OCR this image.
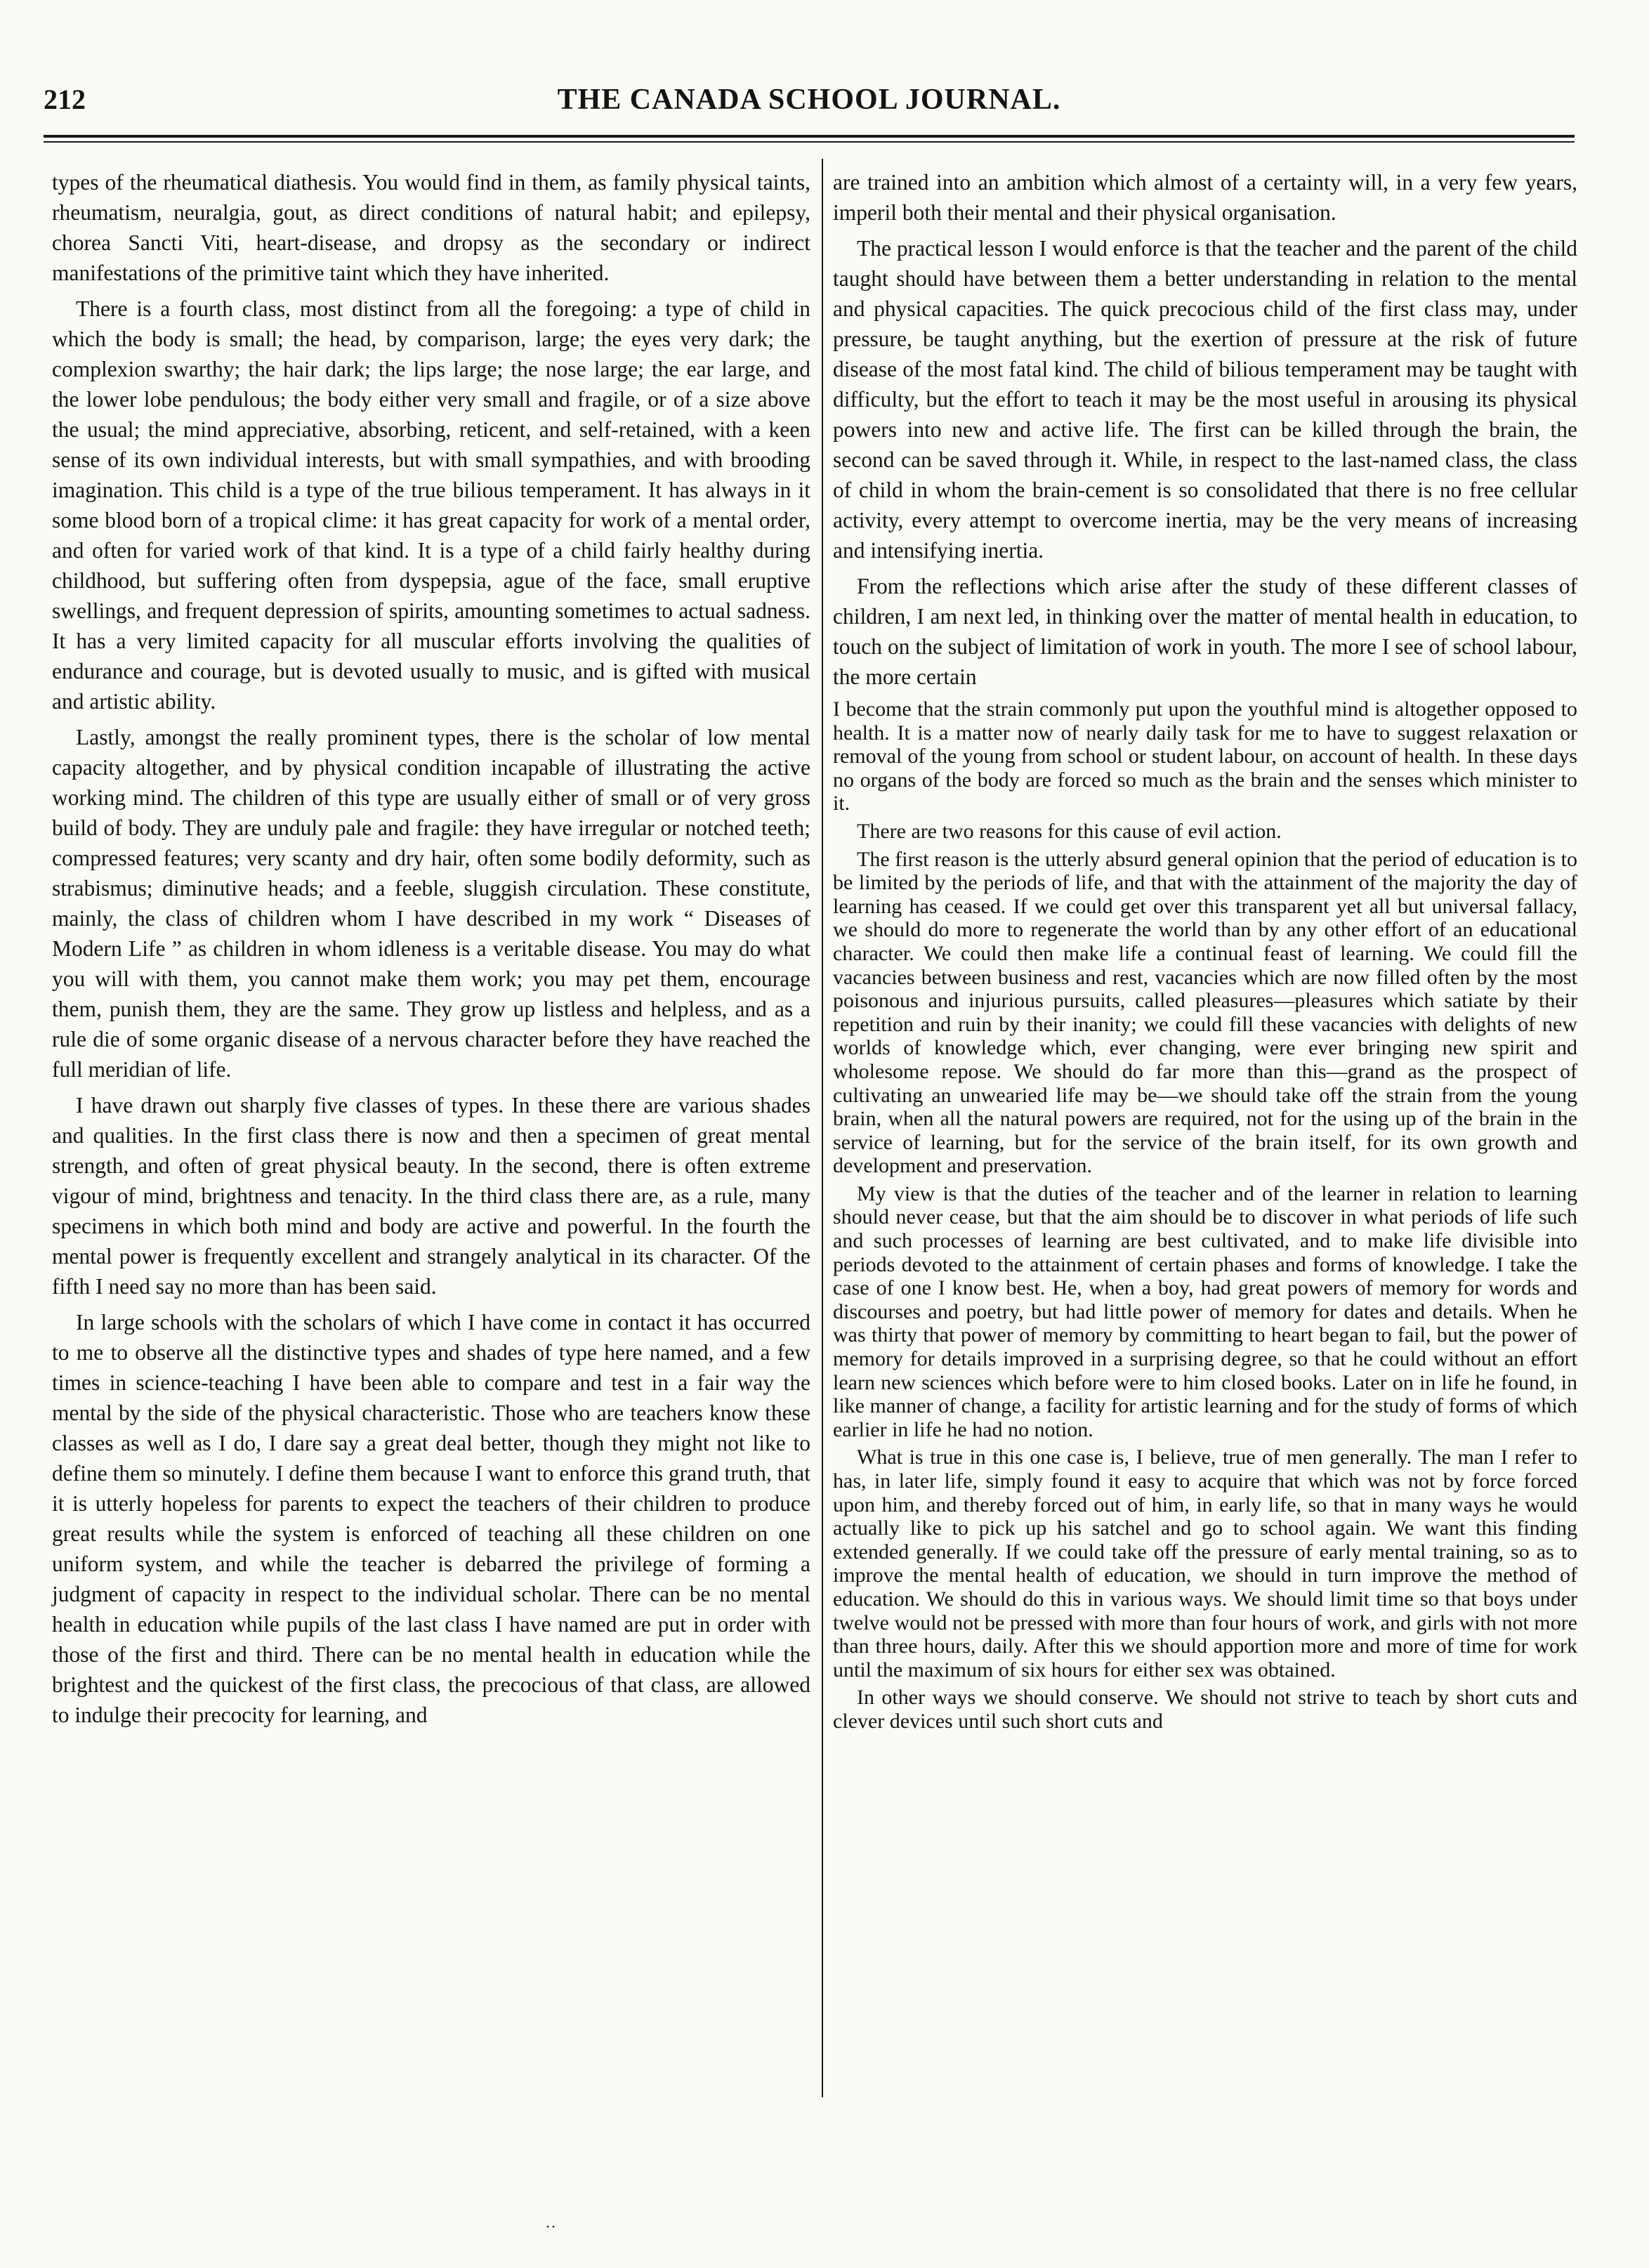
212	THE CANADA SCHOOL JOURNAL.

types of the rheumatical diathesis. You would find in them, as family physical taints, rheumatism, neuralgia, gout, as direct conditions of natural habit; and epilepsy, chorea Sancti Viti, heart-disease, and dropsy as the secondary or indirect manifestations of the primitive taint which they have inherited.

There is a fourth class, most distinct from all the foregoing: a type of child in which the body is small; the head, by comparison, large; the eyes very dark; the complexion swarthy; the hair dark; the lips large; the nose large; the ear large, and the lower lobe pendulous; the body either very small and fragile, or of a size above the usual; the mind appreciative, absorbing, reticent, and self-retained, with a keen sense of its own individual interests, but with small sympathies, and with brooding imagination. This child is a type of the true bilious temperament. It has always in it some blood born of a tropical clime: it has great capacity for work of a mental order, and often for varied work of that kind. It is a type of a child fairly healthy during childhood, but suffering often from dyspepsia, ague of the face, small eruptive swellings, and frequent depression of spirits, amounting sometimes to actual sadness. It has a very limited capacity for all muscular efforts involving the qualities of endurance and courage, but is devoted usually to music, and is gifted with musical and artistic ability.

Lastly, amongst the really prominent types, there is the scholar of low mental capacity altogether, and by physical condition incapable of illustrating the active working mind. The children of this type are usually either of small or of very gross build of body. They are unduly pale and fragile: they have irregular or notched teeth; compressed features; very scanty and dry hair, often some bodily deformity, such as strabismus; diminutive heads; and a feeble, sluggish circulation. These constitute, mainly, the class of children whom I have described in my work “ Diseases of Modern Life ” as children in whom idleness is a veritable disease. You may do what you will with them, you cannot make them work; you may pet them, encourage them, punish them, they are the same. They grow up listless and helpless, and as a rule die of some organic disease of a nervous character before they have reached the full meridian of life.

I have drawn out sharply five classes of types. In these there are various shades and qualities. In the first class there is now and then a specimen of great mental strength, and often of great physical beauty. In the second, there is often extreme vigour of mind, brightness and tenacity. In the third class there are, as a rule, many specimens in which both mind and body are active and powerful. In the fourth the mental power is frequently excellent and strangely analytical in its character. Of the fifth I need say no more than has been said.

In large schools with the scholars of which I have come in contact it has occurred to me to observe all the distinctive types and shades of type here named, and a few times in science-teaching I have been able to compare and test in a fair way the mental by the side of the physical characteristic. Those who are teachers know these classes as well as I do, I dare say a great deal better, though they might not like to define them so minutely. I define them because I want to enforce this grand truth, that it is utterly hopeless for parents to expect the teachers of their children to produce great results while the system is enforced of teaching all these children on one uniform system, and while the teacher is debarred the privilege of forming a judgment of capacity in respect to the individual scholar. There can be no mental health in education while pupils of the last class I have named are put in order with those of the first and third. There can be no mental health in education while the brightest and the quickest of the first class, the precocious of that class, are allowed to indulge their precocity for learning, and

are trained into an ambition which almost of a certainty will, in a very few years, imperil both their mental and their physical organisation.

The practical lesson I would enforce is that the teacher and the parent of the child taught should have between them a better understanding in relation to the mental and physical capacities. The quick precocious child of the first class may, under pressure, be taught anything, but the exertion of pressure at the risk of future disease of the most fatal kind. The child of bilious temperament may be taught with difficulty, but the effort to teach it may be the most useful in arousing its physical powers into new and active life. The first can be killed through the brain, the second can be saved through it. While, in respect to the last-named class, the class of child in whom the brain-cement is so consolidated that there is no free cellular activity, every attempt to overcome inertia, may be the very means of increasing and intensifying inertia.

From the reflections which arise after the study of these different classes of children, I am next led, in thinking over the matter of mental health in education, to touch on the subject of limitation of work in youth. The more I see of school labour, the more certain

I become that the strain commonly put upon the youthful mind is altogether opposed to health. It is a matter now of nearly daily task for me to have to suggest relaxation or removal of the young from school or student labour, on account of health. In these days no organs of the body are forced so much as the brain and the senses which minister to it.

There are two reasons for this cause of evil action.

The first reason is the utterly absurd general opinion that the period of education is to be limited by the periods of life, and that with the attainment of the majority the day of learning has ceased. If we could get over this transparent yet all but universal fallacy, we should do more to regenerate the world than by any other effort of an educational character. We could then make life a continual feast of learning. We could fill the vacancies between business and rest, vacancies which are now filled often by the most poisonous and injurious pursuits, called pleasures—pleasures which satiate by their repetition and ruin by their inanity; we could fill these vacancies with delights of new worlds of knowledge which, ever changing, were ever bringing new spirit and wholesome repose. We should do far more than this—grand as the prospect of cultivating an unwearied life may be—we should take off the strain from the young brain, when all the natural powers are required, not for the using up of the brain in the service of learning, but for the service of the brain itself, for its own growth and development and preservation.

My view is that the duties of the teacher and of the learner in relation to learning should never cease, but that the aim should be to discover in what periods of life such and such processes of learning are best cultivated, and to make life divisible into periods devoted to the attainment of certain phases and forms of knowledge. I take the case of one I know best. He, when a boy, had great powers of memory for words and discourses and poetry, but had little power of memory for dates and details. When he was thirty that power of memory by committing to heart began to fail, but the power of memory for details improved in a surprising degree, so that he could without an effort learn new sciences which before were to him closed books. Later on in life he found, in like manner of change, a facility for artistic learning and for the study of forms of which earlier in life he had no notion.

What is true in this one case is, I believe, true of men generally. The man I refer to has, in later life, simply found it easy to acquire that which was not by force forced upon him, and thereby forced out of him, in early life, so that in many ways he would actually like to pick up his satchel and go to school again. We want this finding extended generally. If we could take off the pressure of early mental training, so as to improve the mental health of education, we should in turn improve the method of education. We should do this in various ways. We should limit time so that boys under twelve would not be pressed with more than four hours of work, and girls with not more than three hours, daily. After this we should apportion more and more of time for work until the maximum of six hours for either sex was obtained.

In other ways we should conserve. We should not strive to teach by short cuts and clever devices until such short cuts and

··
